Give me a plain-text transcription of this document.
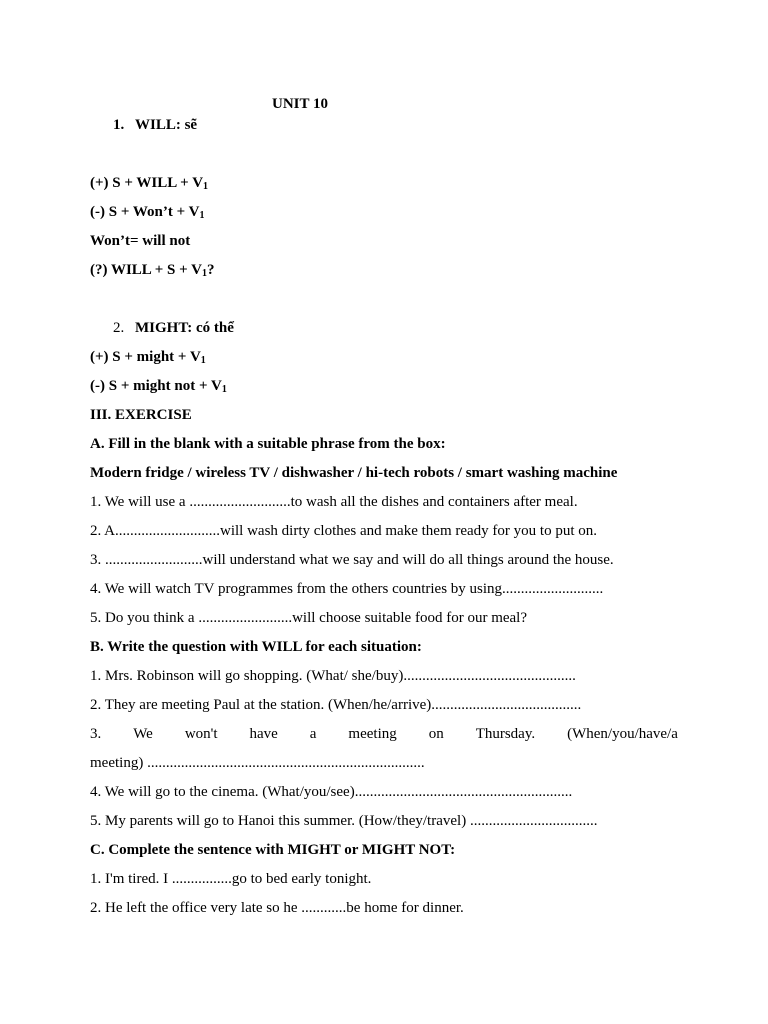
UNIT 10
1. WILL: sẽ
(+) S + WILL + $V_1$
(-) S + Won’t + $V_1$
Won’t= will not
(?) WILL + $S + V_1$?
2. MIGHT: có thể
(+) S + might + $V_1$
(-) S + might not + $V_1$
III. EXERCISE
A. Fill in the blank with a suitable phrase from the box:
Modern fridge / wireless TV / dishwasher / hi-tech robots / smart washing machine
1. We will use a ...........................to wash all the dishes and containers after meal.
2. A............................will wash dirty clothes and make them ready for you to put on.
3. ..........................will understand what we say and will do all things around the house.
4. We will watch TV programmes from the others countries by using...........................
5. Do you think a .........................will choose suitable food for our meal?
B. Write the question with WILL for each situation:
1. Mrs. Robinson will go shopping. (What/ she/buy)..............................................
2. They are meeting Paul at the station. (When/he/arrive)........................................
3. We won't have a meeting on Thursday. (When/you/have/a
meeting) ..........................................................................
4. We will go to the cinema. (What/you/see)..........................................................
5. My parents will go to Hanoi this summer. (How/they/travel) ..................................
C. Complete the sentence with MIGHT or MIGHT NOT:
1. I'm tired. I ................go to bed early tonight.
2. He left the office very late so he ............be home for dinner.
